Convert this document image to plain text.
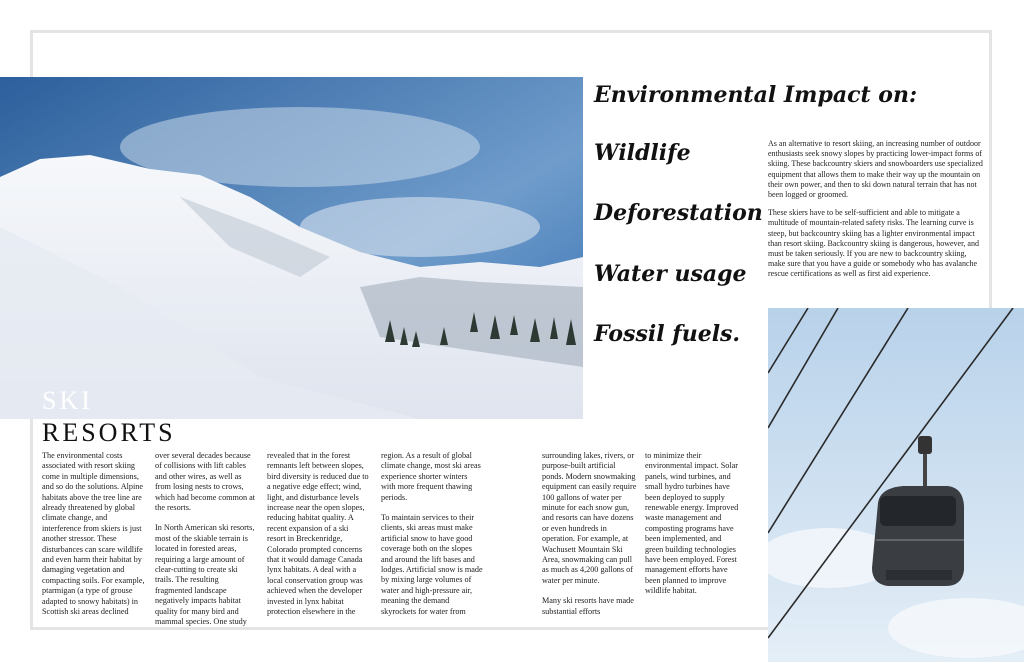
SKI
RESORTS
Environmental Impact on:
Wildlife
Deforestation
Water usage
Fossil fuels.

As an alternative to resort skiing, an increasing number of outdoor enthusiasts seek snowy slopes by practicing lower-impact forms of skiing. These backcountry skiers and snowboarders use specialized equipment that allows them to make their way up the mountain on their own power, and then to ski down natural terrain that has not been logged or groomed.

These skiers have to be self-sufficient and able to mitigate a multitude of mountain-related safety risks. The learning curve is steep, but backcountry skiing has a lighter environmental impact than resort skiing. Backcountry skiing is dangerous, however, and must be taken seriously. If you are new to backcountry skiing, make sure that you have a guide or somebody who has avalanche rescue certifications as well as first aid experience.

The environmental costs associated with resort skiing come in multiple dimensions, and so do the solutions. Alpine habitats above the tree line are already threatened by global climate change, and interference from skiers is just another stressor. These disturbances can scare wildlife and even harm their habitat by damaging vegetation and compacting soils. For example, ptarmigan (a type of grouse adapted to snowy habitats) in Scottish ski areas declined

over several decades because of collisions with lift cables and other wires, as well as from losing nests to crows, which had become common at the resorts.

In North American ski resorts, most of the skiable terrain is located in forested areas, requiring a large amount of clear-cutting to create ski trails. The resulting fragmented landscape negatively impacts habitat quality for many bird and mammal species. One study

revealed that in the forest remnants left between slopes, bird diversity is reduced due to a negative edge effect; wind, light, and disturbance levels increase near the open slopes, reducing habitat quality. A recent expansion of a ski resort in Breckenridge, Colorado prompted concerns that it would damage Canada lynx habitats. A deal with a local conservation group was achieved when the developer invested in lynx habitat protection elsewhere in the

region. As a result of global climate change, most ski areas experience shorter winters with more frequent thawing periods.

To maintain services to their clients, ski areas must make artificial snow to have good coverage both on the slopes and around the lift bases and lodges. Artificial snow is made by mixing large volumes of water and high-pressure air, meaning the demand skyrockets for water from

surrounding lakes, rivers, or purpose-built artificial ponds. Modern snowmaking equipment can easily require 100 gallons of water per minute for each snow gun, and resorts can have dozens or even hundreds in operation. For example, at Wachusett Mountain Ski Area, snowmaking can pull as much as 4,200 gallons of water per minute.

Many ski resorts have made substantial efforts

to minimize their environmental impact. Solar panels, wind turbines, and small hydro turbines have been deployed to supply renewable energy. Improved waste management and composting programs have been implemented, and green building technologies have been employed. Forest management efforts have been planned to improve wildlife habitat.
